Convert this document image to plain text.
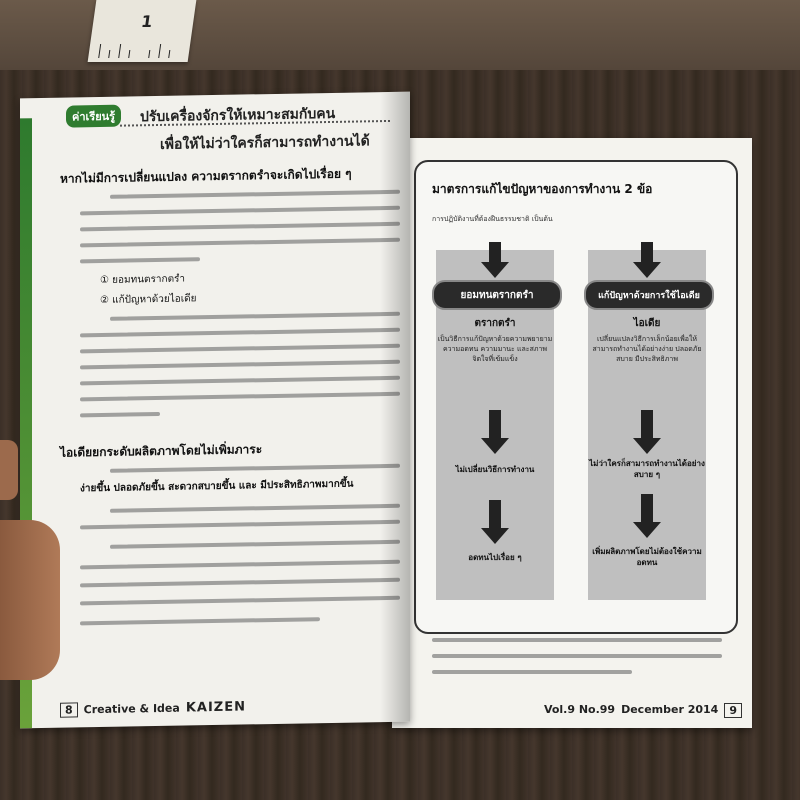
1
ค่าเรียนรู้	ปรับเครื่องจักรให้เหมาะสมกับคน
เพื่อให้ไม่ว่าใครก็สามารถทำงานได้
หากไม่มีการเปลี่ยนแปลง ความตรากตรำจะเกิดไปเรื่อย ๆ
① ยอมทนตรากตรำ
② แก้ปัญหาด้วยไอเดีย
ไอเดียยกระดับผลิตภาพโดยไม่เพิ่มภาระ
ง่ายขึ้น ปลอดภัยขึ้น สะดวกสบายขึ้น และ มีประสิทธิภาพมากขึ้น
8	Creative & Idea KAIZEN
มาตรการแก้ไขปัญหาของการทำงาน 2 ข้อ
การปฏิบัติงานที่ต้องฝืนธรรมชาติ เป็นต้น
ยอมทนตรากตรำ
ตรากตรำ
เป็นวิธีการแก้ปัญหาด้วยความพยายาม ความอดทน ความมานะ และสภาพจิตใจที่เข้มแข็ง
ไม่เปลี่ยนวิธีการทำงาน
อดทนไปเรื่อย ๆ
แก้ปัญหาด้วยการใช้ไอเดีย
ไอเดีย
เปลี่ยนแปลงวิธีการเล็กน้อยเพื่อให้สามารถทำงานได้อย่างง่าย ปลอดภัย สบาย มีประสิทธิภาพ
ไม่ว่าใครก็สามารถทำงานได้อย่างสบาย ๆ
เพิ่มผลิตภาพโดยไม่ต้องใช้ความอดทน
Vol.9 No.99 December 2014	9
